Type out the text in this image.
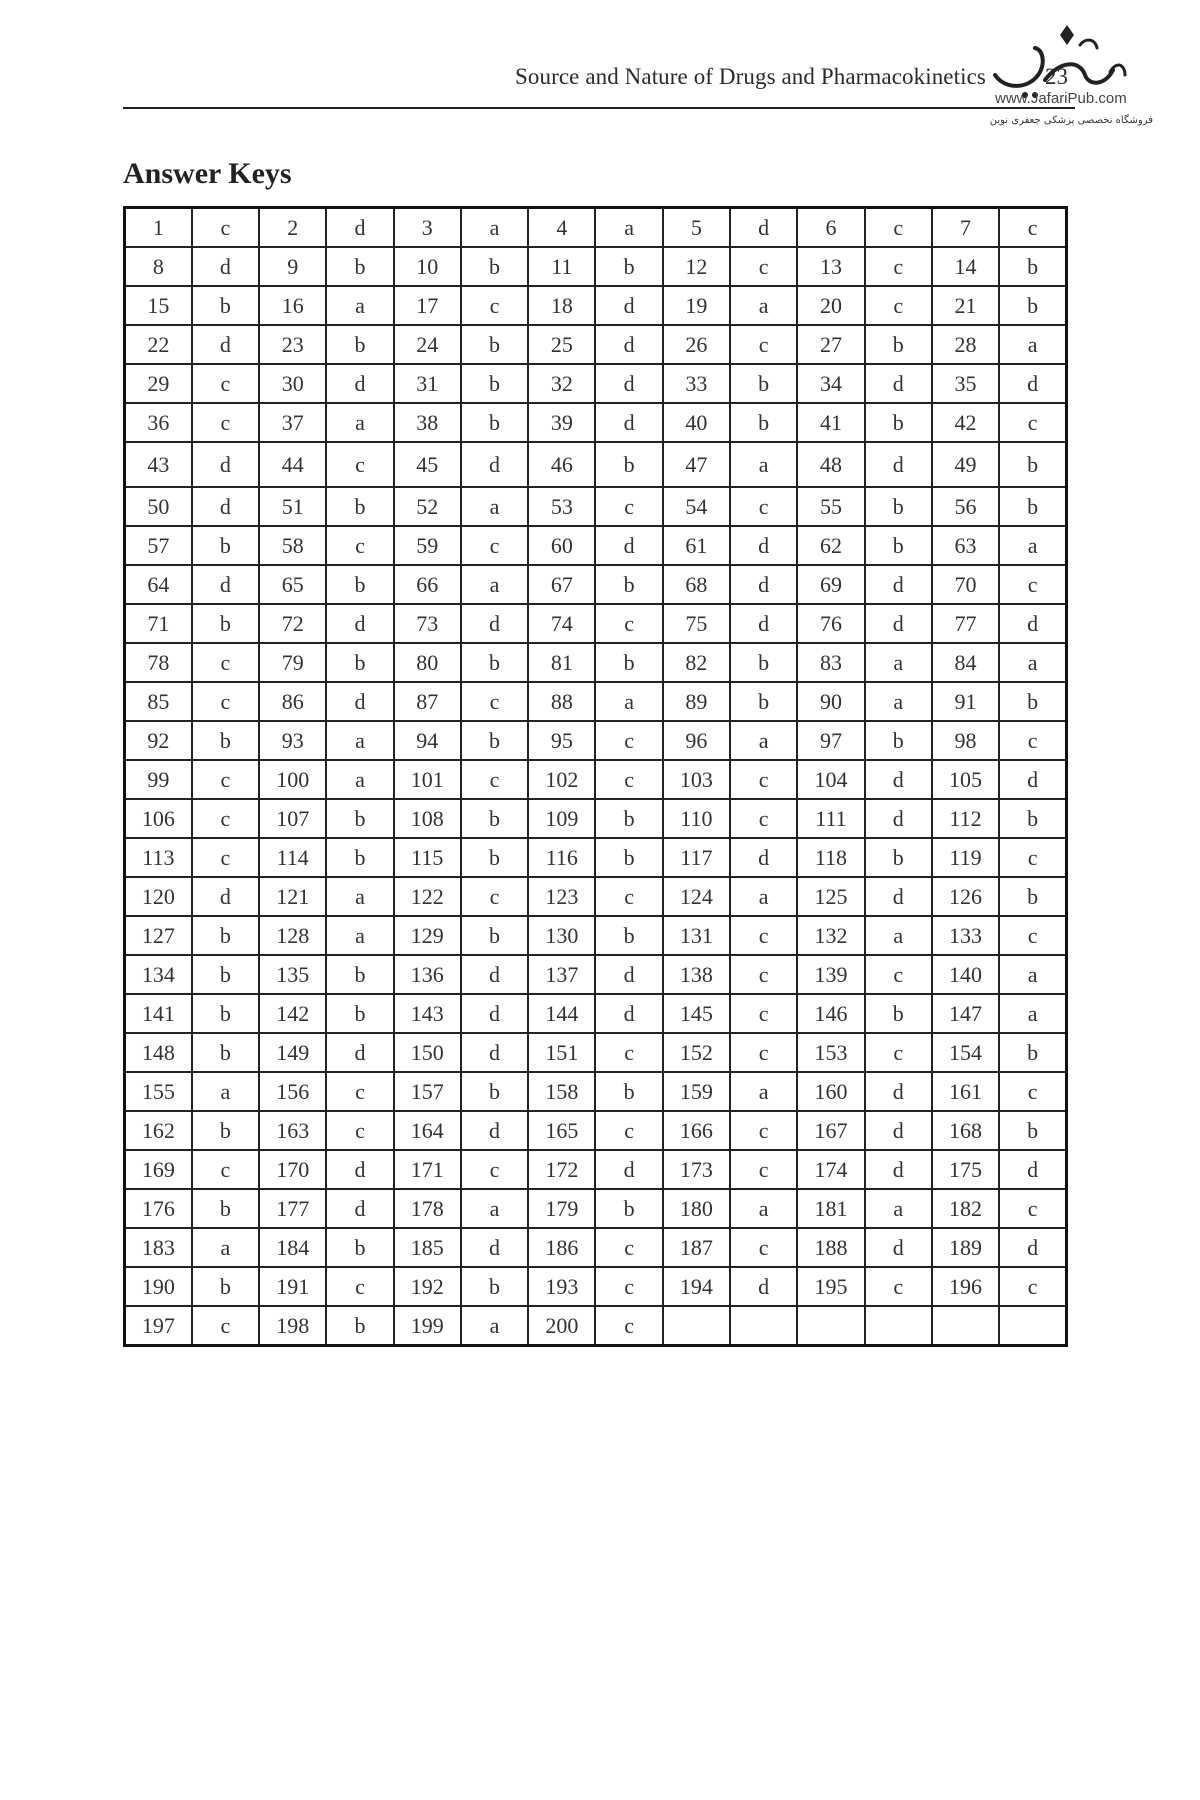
Source and Nature of Drugs and Pharmacokinetics	23
www.JafariPub.com
فروشگاه تخصصی پزشکی جعفری نوین
Answer Keys
1	c	2	d	3	a	4	a	5	d	6	c	7	c
8	d	9	b	10	b	11	b	12	c	13	c	14	b
15	b	16	a	17	c	18	d	19	a	20	c	21	b
22	d	23	b	24	b	25	d	26	c	27	b	28	a
29	c	30	d	31	b	32	d	33	b	34	d	35	d
36	c	37	a	38	b	39	d	40	b	41	b	42	c
43	d	44	c	45	d	46	b	47	a	48	d	49	b
50	d	51	b	52	a	53	c	54	c	55	b	56	b
57	b	58	c	59	c	60	d	61	d	62	b	63	a
64	d	65	b	66	a	67	b	68	d	69	d	70	c
71	b	72	d	73	d	74	c	75	d	76	d	77	d
78	c	79	b	80	b	81	b	82	b	83	a	84	a
85	c	86	d	87	c	88	a	89	b	90	a	91	b
92	b	93	a	94	b	95	c	96	a	97	b	98	c
99	c	100	a	101	c	102	c	103	c	104	d	105	d
106	c	107	b	108	b	109	b	110	c	111	d	112	b
113	c	114	b	115	b	116	b	117	d	118	b	119	c
120	d	121	a	122	c	123	c	124	a	125	d	126	b
127	b	128	a	129	b	130	b	131	c	132	a	133	c
134	b	135	b	136	d	137	d	138	c	139	c	140	a
141	b	142	b	143	d	144	d	145	c	146	b	147	a
148	b	149	d	150	d	151	c	152	c	153	c	154	b
155	a	156	c	157	b	158	b	159	a	160	d	161	c
162	b	163	c	164	d	165	c	166	c	167	d	168	b
169	c	170	d	171	c	172	d	173	c	174	d	175	d
176	b	177	d	178	a	179	b	180	a	181	a	182	c
183	a	184	b	185	d	186	c	187	c	188	d	189	d
190	b	191	c	192	b	193	c	194	d	195	c	196	c
197	c	198	b	199	a	200	c						
